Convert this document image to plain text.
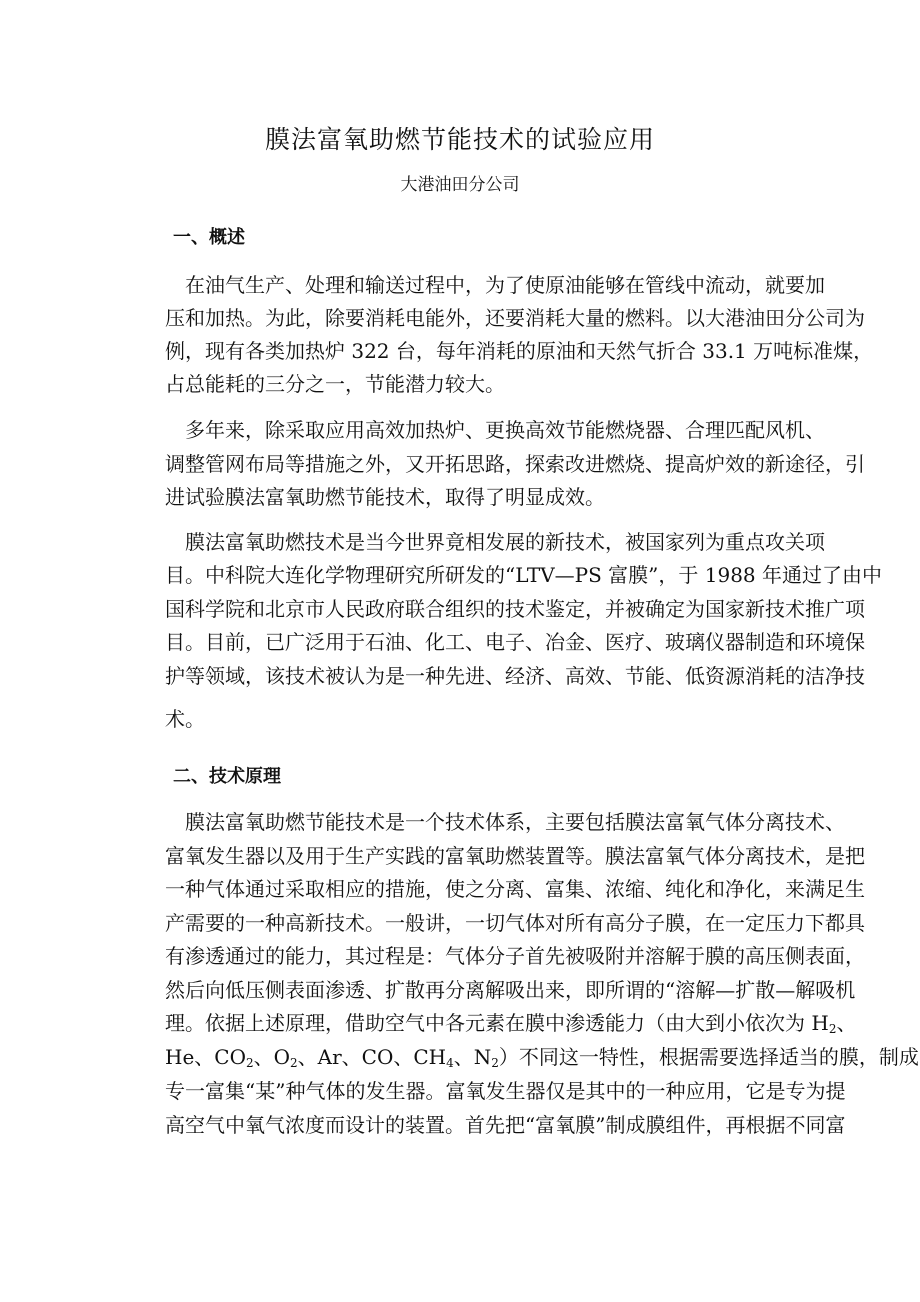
膜法富氧助燃节能技术的试验应用
大港油田分公司
一、概述
二、技术原理
在油气生产、处理和输送过程中，为了使原油能够在管线中流动，就要加
压和加热。为此，除要消耗电能外，还要消耗大量的燃料。以大港油田分公司为
例，现有各类加热炉 322 台，每年消耗的原油和天然气折合 33.1 万吨标准煤，
占总能耗的三分之一，节能潜力较大。
多年来，除采取应用高效加热炉、更换高效节能燃烧器、合理匹配风机、
调整管网布局等措施之外，又开拓思路，探索改进燃烧、提高炉效的新途径，引
进试验膜法富氧助燃节能技术，取得了明显成效。
膜法富氧助燃技术是当今世界竟相发展的新技术，被国家列为重点攻关项
目。中科院大连化学物理研究所研发的“LTV—PS 富膜”，于 1988 年通过了由中
国科学院和北京市人民政府联合组织的技术鉴定，并被确定为国家新技术推广项
目。目前，已广泛用于石油、化工、电子、冶金、医疗、玻璃仪器制造和环境保
护等领域，该技术被认为是一种先进、经济、高效、节能、低资源消耗的洁净技
术。
膜法富氧助燃节能技术是一个技术体系，主要包括膜法富氧气体分离技术、
富氧发生器以及用于生产实践的富氧助燃装置等。膜法富氧气体分离技术，是把
一种气体通过采取相应的措施，使之分离、富集、浓缩、纯化和净化，来满足生
产需要的一种高新技术。一般讲，一切气体对所有高分子膜，在一定压力下都具
有渗透通过的能力，其过程是：气体分子首先被吸附并溶解于膜的高压侧表面，
然后向低压侧表面渗透、扩散再分离解吸出来，即所谓的“溶解—扩散—解吸机
理。依据上述原理，借助空气中各元素在膜中渗透能力（由大到小依次为 $H_2$、
He、$CO_2$、$O_2$、Ar、CO、$CH_4$、$N_2$）不同这一特性，根据需要选择适当的膜，制成
专一富集“某”种气体的发生器。富氧发生器仅是其中的一种应用，它是专为提
高空气中氧气浓度而设计的装置。首先把“富氧膜”制成膜组件，再根据不同富
